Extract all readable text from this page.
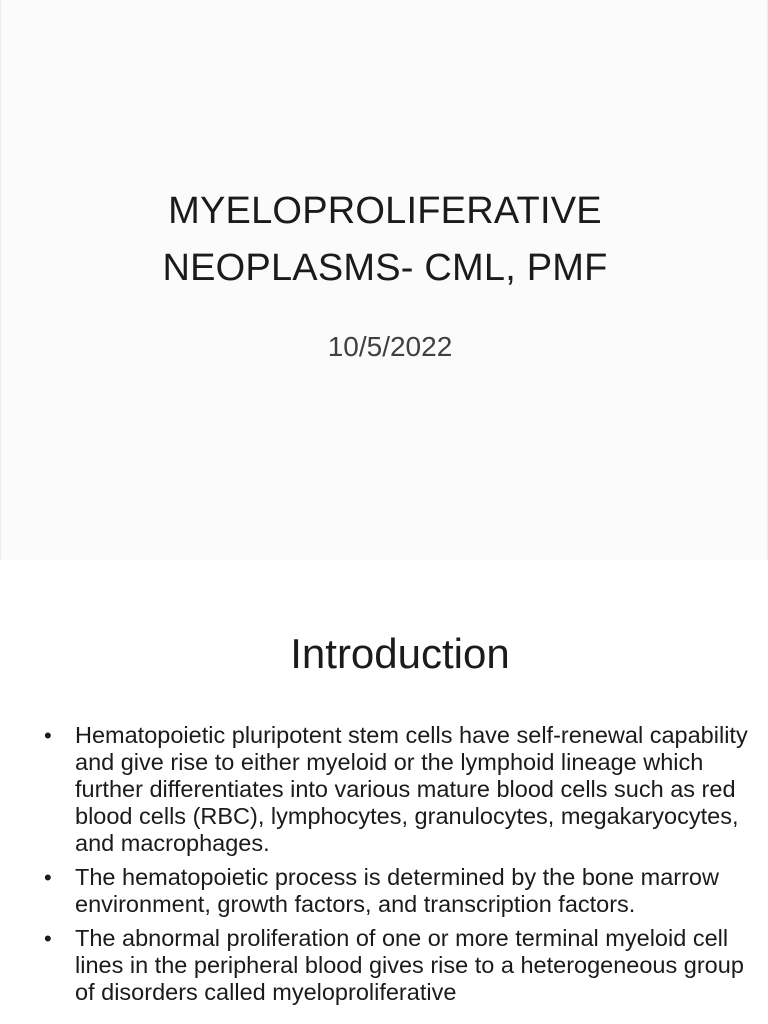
MYELOPROLIFERATIVE
NEOPLASMS- CML, PMF
10/5/2022
Introduction
• Hematopoietic pluripotent stem cells have self-renewal capability and give rise to either myeloid or the lymphoid lineage which further differentiates into various mature blood cells such as red blood cells (RBC), lymphocytes, granulocytes, megakaryocytes, and macrophages.
• The hematopoietic process is determined by the bone marrow environment, growth factors, and transcription factors.
• The abnormal proliferation of one or more terminal myeloid cell lines in the peripheral blood gives rise to a heterogeneous group of disorders called myeloproliferative
